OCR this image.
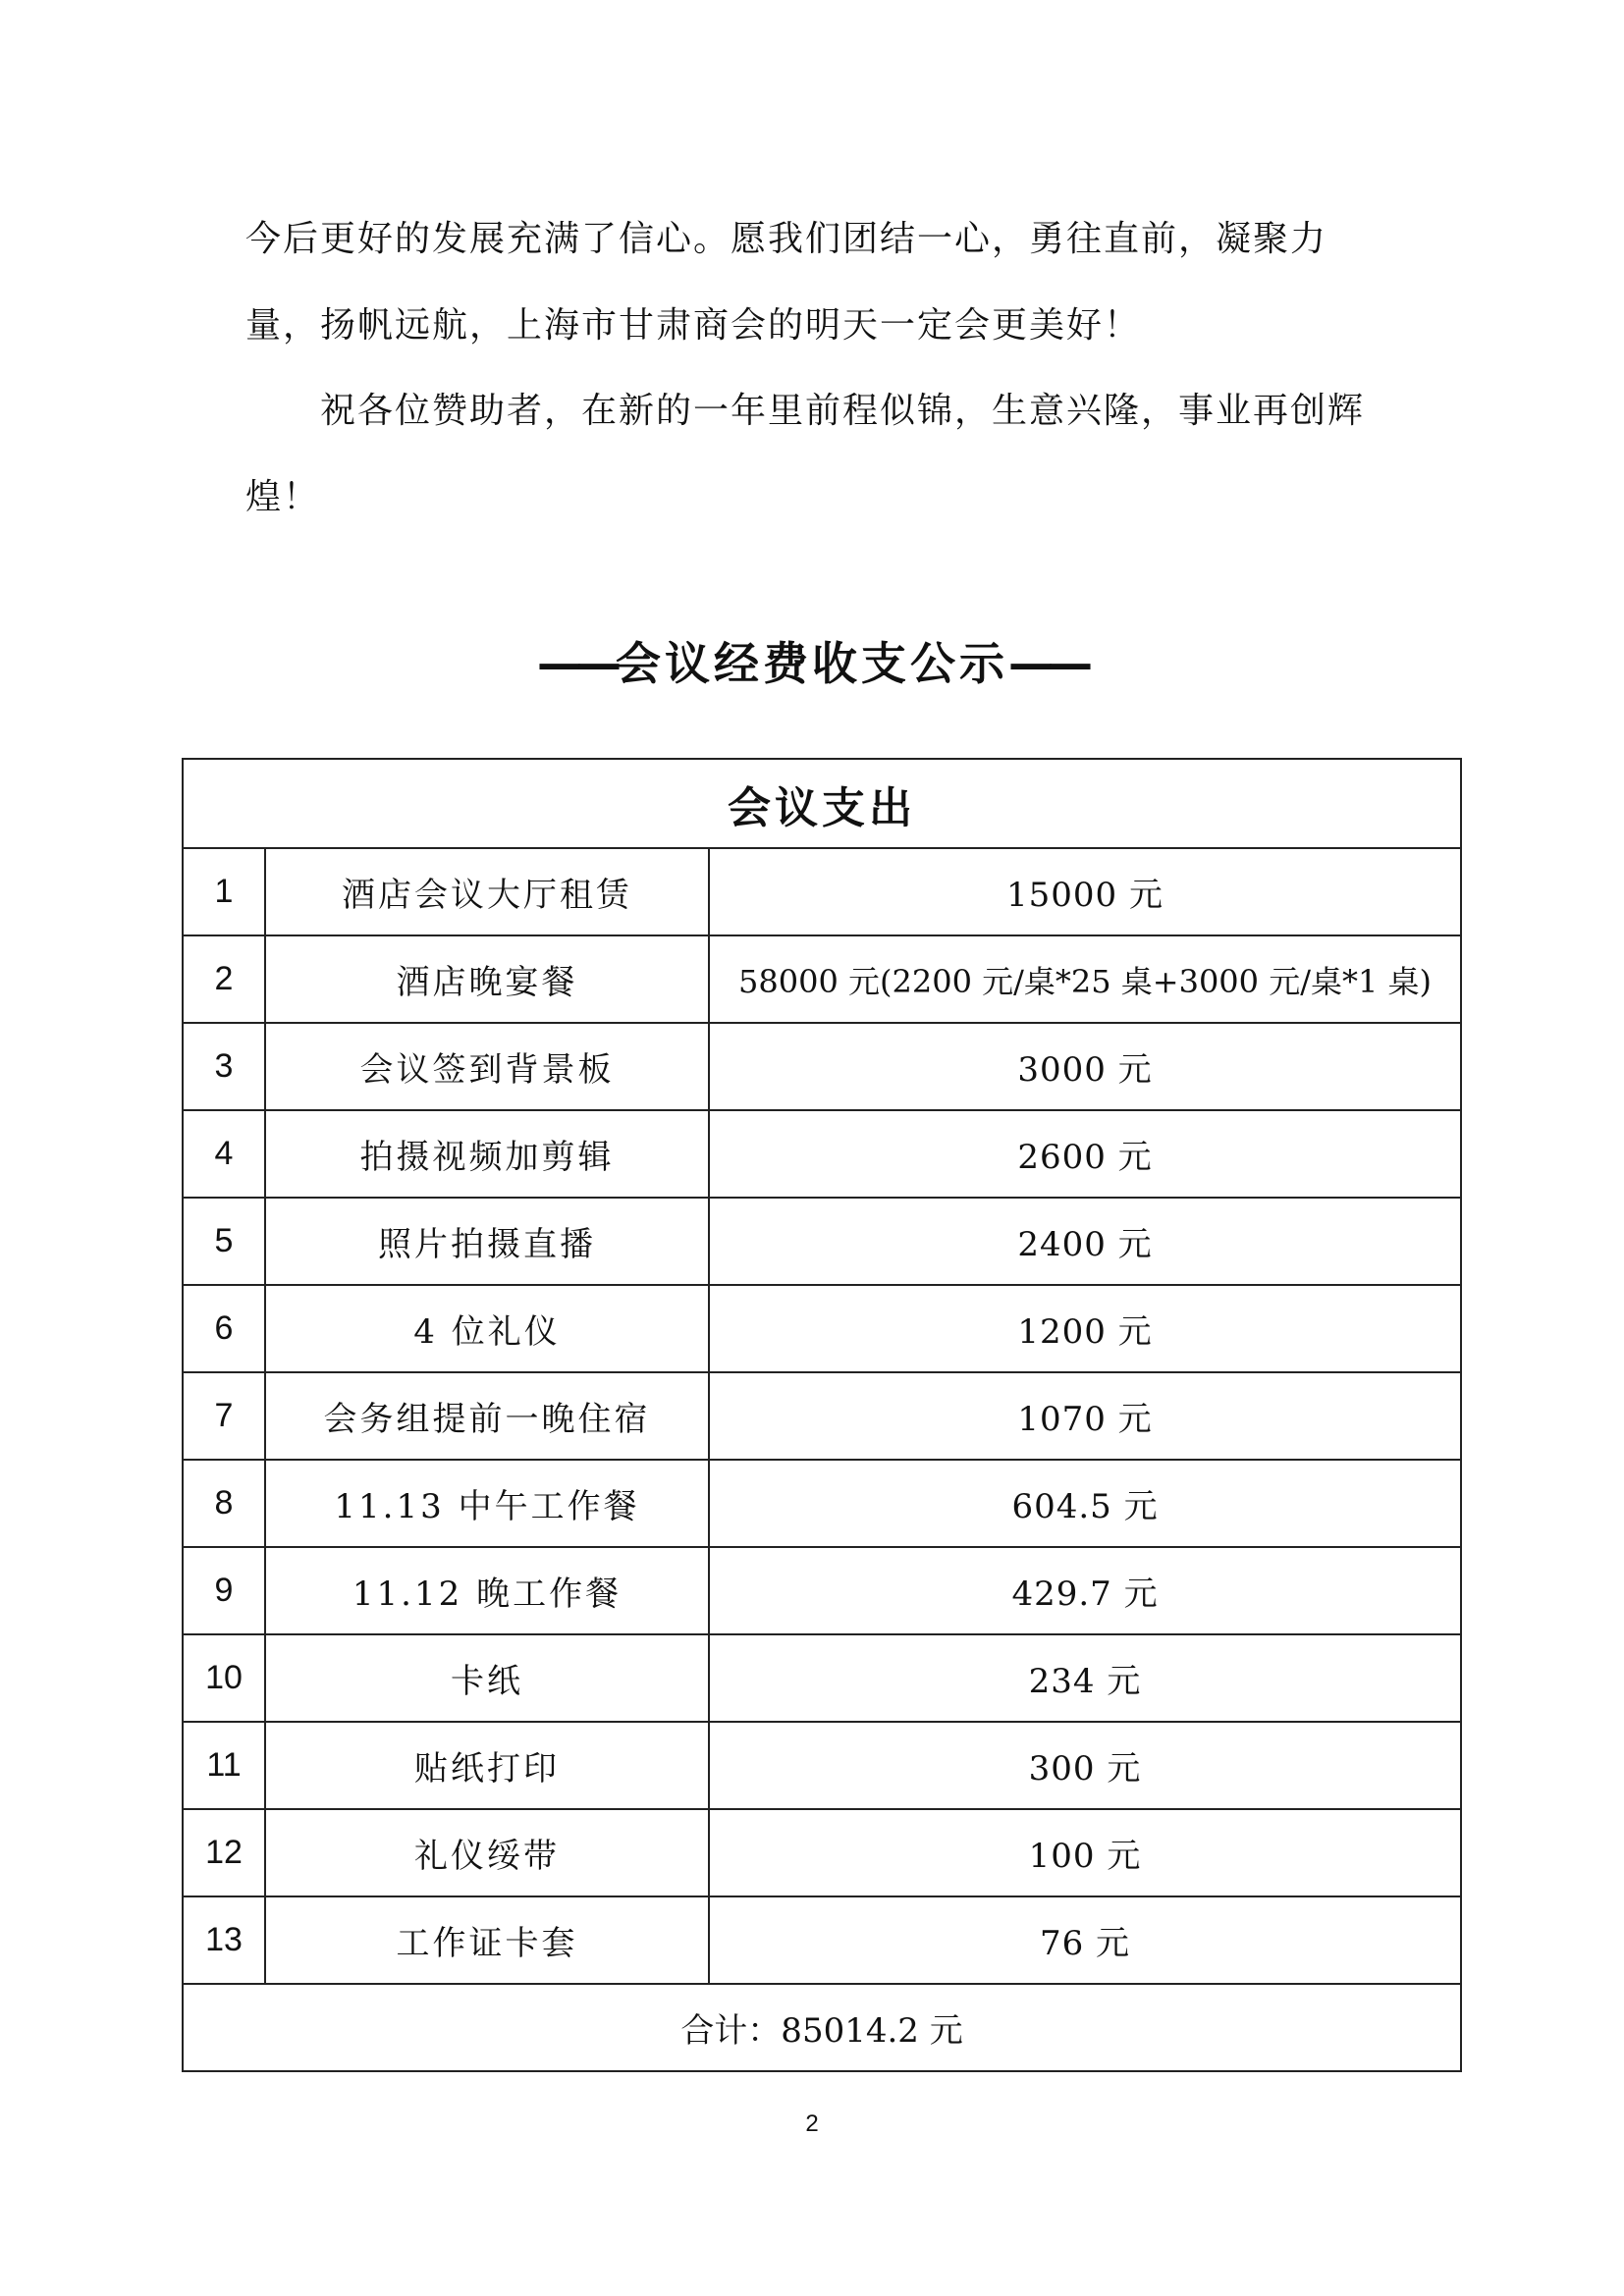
今后更好的发展充满了信心。愿我们团结一心，勇往直前，凝聚力量，扬帆远航，上海市甘肃商会的明天一定会更美好！

祝各位赞助者，在新的一年里前程似锦，生意兴隆，事业再创辉煌！

——会议经费收支公示——
会议支出		
1	酒店会议大厅租赁	15000 元
2	酒店晚宴餐	58000 元(2200 元/桌*25 桌+3000 元/桌*1 桌)
3	会议签到背景板	3000 元
4	拍摄视频加剪辑	2600 元
5	照片拍摄直播	2400 元
6	4 位礼仪	1200 元
7	会务组提前一晚住宿	1070 元
8	11.13 中午工作餐	604.5 元
9	11.12 晚工作餐	429.7 元
10	卡纸	234 元
11	贴纸打印	300 元
12	礼仪绥带	100 元
13	工作证卡套	76 元
合计：85014.2 元		
2
